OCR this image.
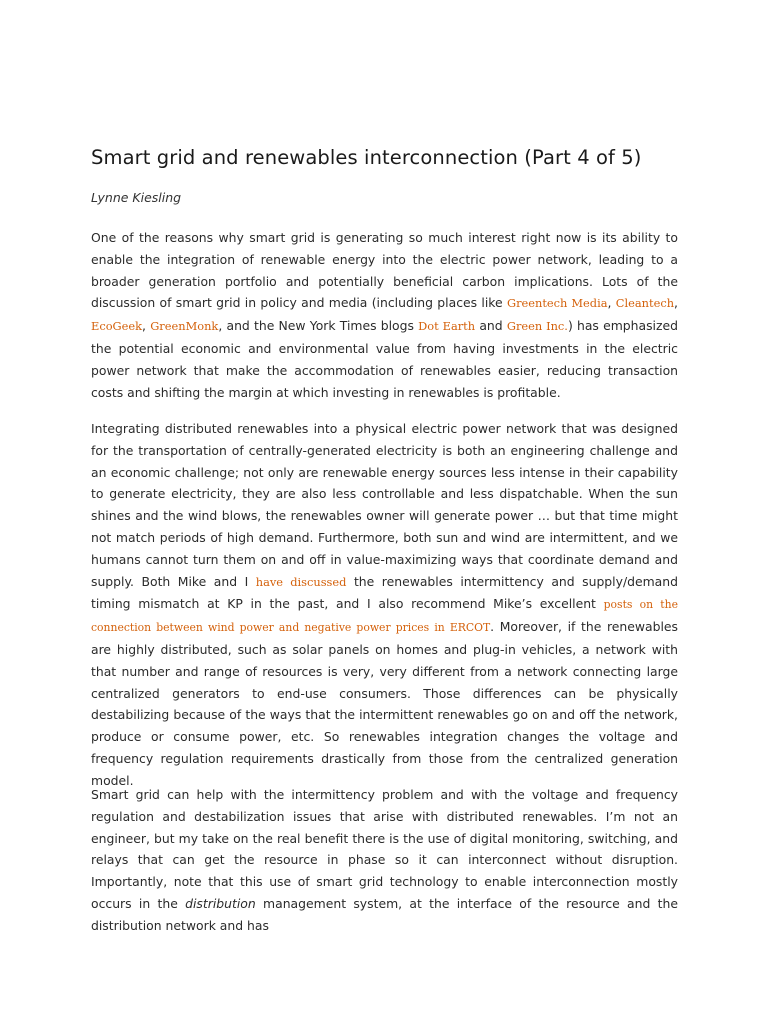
Smart grid and renewables interconnection (Part 4 of 5)

Lynne Kiesling

One of the reasons why smart grid is generating so much interest right now is its ability to enable the integration of renewable energy into the electric power network, leading to a broader generation portfolio and potentially beneficial carbon implications. Lots of the discussion of smart grid in policy and media (including places like Greentech Media, Cleantech, EcoGeek, GreenMonk, and the New York Times blogs Dot Earth and Green Inc.) has emphasized the potential economic and environmental value from having investments in the electric power network that make the accommodation of renewables easier, reducing transaction costs and shifting the margin at which investing in renewables is profitable.

Integrating distributed renewables into a physical electric power network that was designed for the transportation of centrally-generated electricity is both an engineering challenge and an economic challenge; not only are renewable energy sources less intense in their capability to generate electricity, they are also less controllable and less dispatchable. When the sun shines and the wind blows, the renewables owner will generate power … but that time might not match periods of high demand. Furthermore, both sun and wind are intermittent, and we humans cannot turn them on and off in value-maximizing ways that coordinate demand and supply. Both Mike and I have discussed the renewables intermittency and supply/demand timing mismatch at KP in the past, and I also recommend Mike’s excellent posts on the connection between wind power and negative power prices in ERCOT. Moreover, if the renewables are highly distributed, such as solar panels on homes and plug-in vehicles, a network with that number and range of resources is very, very different from a network connecting large centralized generators to end-use consumers. Those differences can be physically destabilizing because of the ways that the intermittent renewables go on and off the network, produce or consume power, etc. So renewables integration changes the voltage and frequency regulation requirements drastically from those from the centralized generation model.

Smart grid can help with the intermittency problem and with the voltage and frequency regulation and destabilization issues that arise with distributed renewables. I’m not an engineer, but my take on the real benefit there is the use of digital monitoring, switching, and relays that can get the resource in phase so it can interconnect without disruption. Importantly, note that this use of smart grid technology to enable interconnection mostly occurs in the distribution management system, at the interface of the resource and the distribution network and has
